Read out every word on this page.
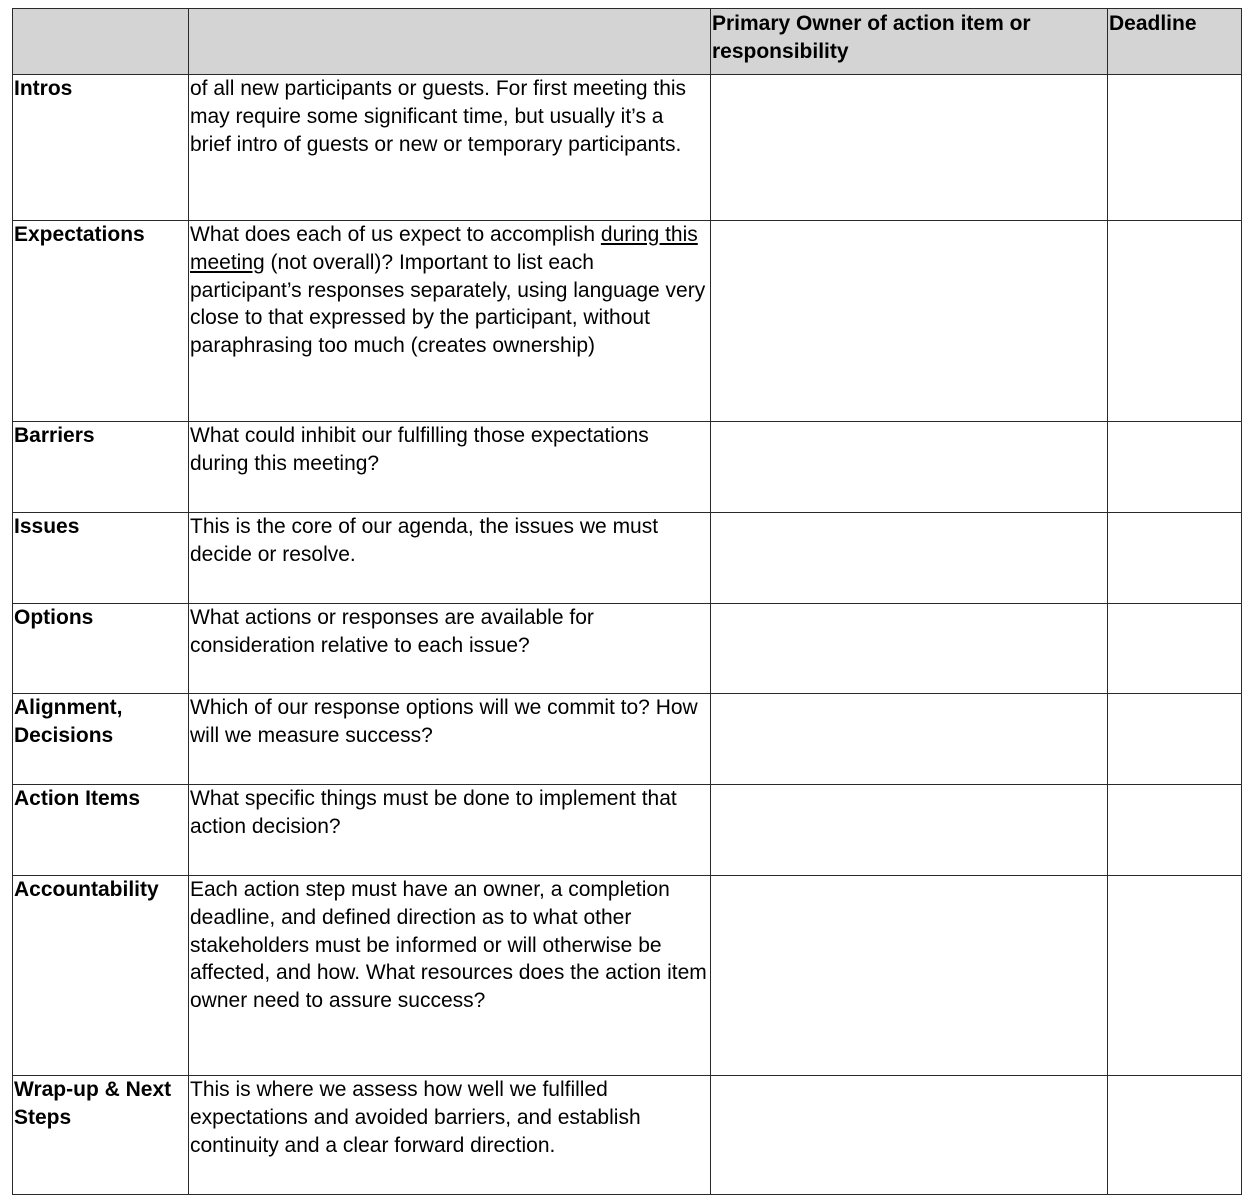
		Primary Owner of action item or responsibility	Deadline
Intros	of all new participants or guests. For first meeting this may require some significant time, but usually it’s a brief intro of guests or new or temporary participants.		
Expectations	What does each of us expect to accomplish during this meeting (not overall)? Important to list each participant’s responses separately, using language very close to that expressed by the participant, without paraphrasing too much (creates ownership)		
Barriers	What could inhibit our fulfilling those expectations during this meeting?		
Issues	This is the core of our agenda, the issues we must decide or resolve.		
Options	What actions or responses are available for consideration relative to each issue?		
Alignment, Decisions	Which of our response options will we commit to? How will we measure success?		
Action Items	What specific things must be done to implement that action decision?		
Accountability	Each action step must have an owner, a completion deadline, and defined direction as to what other stakeholders must be informed or will otherwise be affected, and how. What resources does the action item owner need to assure success?		
Wrap-up & Next Steps	This is where we assess how well we fulfilled expectations and avoided barriers, and establish continuity and a clear forward direction.		
